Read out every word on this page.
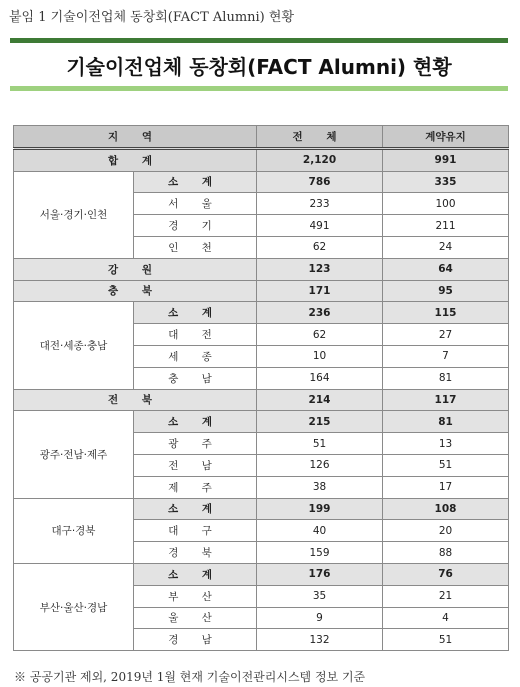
붙임 1 기술이전업체 동창회(FACT Alumni) 현황
기술이전업체 동창회(FACT Alumni) 현황
지 역		전 체	계약유지
합 계		2,120	991
서울·경기·인천	소 계	786	335
	서 울	233	100
	경 기	491	211
	인 천	62	24
강 원		123	64
충 북		171	95
대전·세종·충남	소 계	236	115
	대 전	62	27
	세 종	10	7
	충 남	164	81
전 북		214	117
광주·전남·제주	소 계	215	81
	광 주	51	13
	전 남	126	51
	제 주	38	17
대구·경북	소 계	199	108
	대 구	40	20
	경 북	159	88
부산·울산·경남	소 계	176	76
	부 산	35	21
	울 산	9	4
	경 남	132	51
※ 공공기관 제외, 2019년 1월 현재 기술이전관리시스템 정보 기준
